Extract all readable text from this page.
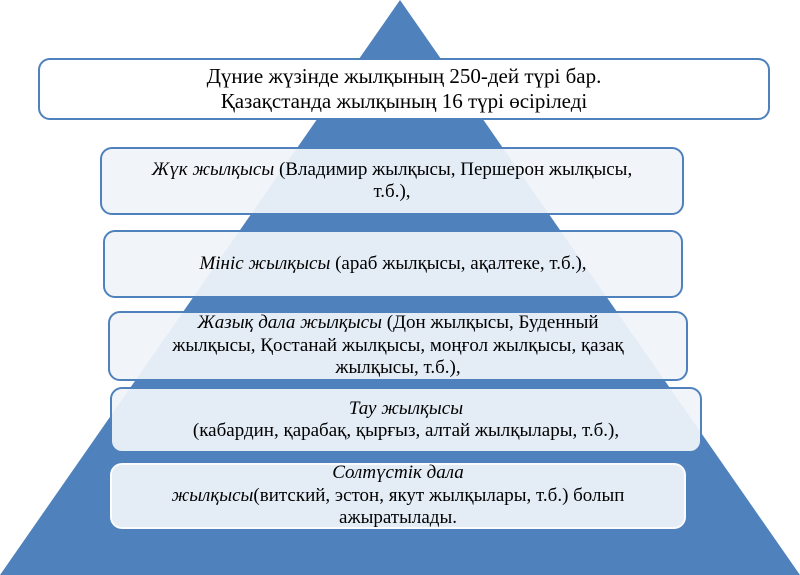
Дүние жүзінде жылқының 250-дей түрі бар.
Қазақстанда жылқының 16 түрі өсіріледі
Жүк жылқысы (Владимир жылқысы, Першерон жылқысы,
т.б.),
Мініс жылқысы (араб жылқысы, ақалтеке, т.б.),
Жазық дала жылқысы (Дон жылқысы, Буденный
жылқысы, Қостанай жылқысы, моңғол жылқысы, қазақ
жылқысы, т.б.),
Тау жылқысы
(кабардин, қарабақ, қырғыз, алтай жылқылары, т.б.),
Солтүстік дала
жылқысы(витский, эстон, якут жылқылары, т.б.) болып
ажыратылады.
